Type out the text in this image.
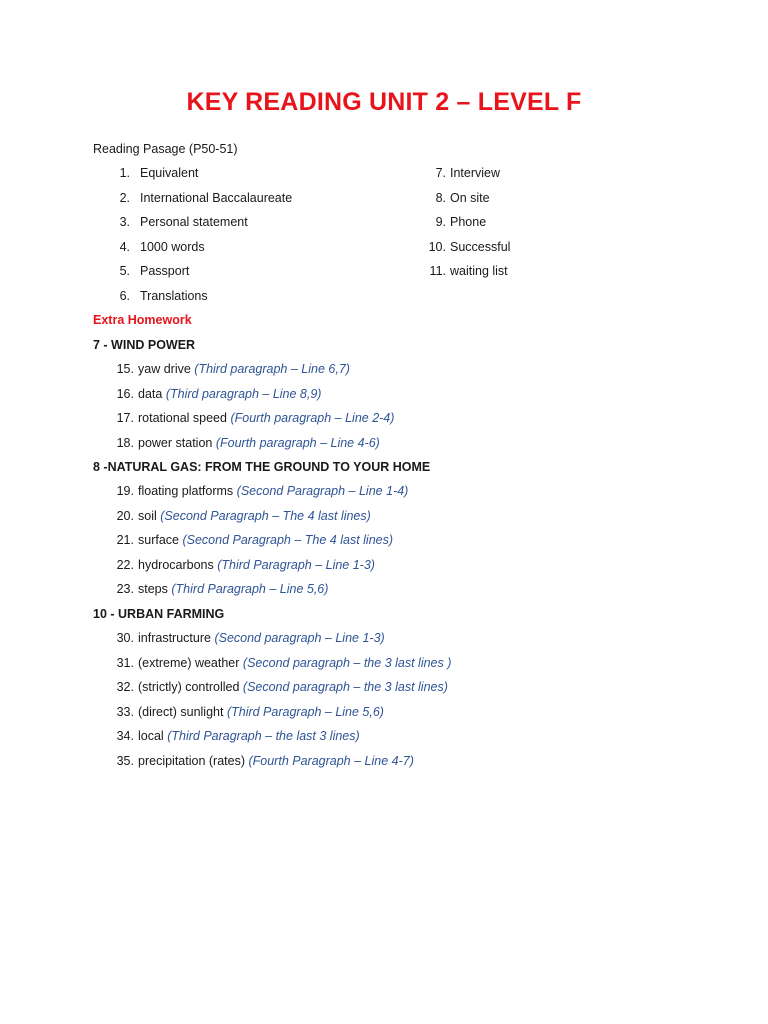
KEY READING UNIT 2 – LEVEL F
Reading Pasage (P50-51)
1. Equivalent
2. International Baccalaureate
3. Personal statement
4. 1000 words
5. Passport
6. Translations
7. Interview
8. On site
9. Phone
10. Successful
11. waiting list
Extra Homework
7 - WIND POWER
15. yaw drive (Third paragraph – Line 6,7)
16. data (Third paragraph – Line 8,9)
17. rotational speed (Fourth paragraph – Line 2-4)
18. power station (Fourth paragraph – Line 4-6)
8 -NATURAL GAS: FROM THE GROUND TO YOUR HOME
19. floating platforms (Second Paragraph – Line 1-4)
20. soil (Second Paragraph – The 4 last lines)
21. surface (Second Paragraph – The 4 last lines)
22. hydrocarbons (Third Paragraph – Line 1-3)
23. steps (Third Paragraph – Line 5,6)
10 - URBAN FARMING
30. infrastructure (Second paragraph – Line 1-3)
31. (extreme) weather (Second paragraph – the 3 last lines )
32. (strictly) controlled (Second paragraph – the 3 last lines)
33. (direct) sunlight (Third Paragraph – Line 5,6)
34. local (Third Paragraph – the last 3 lines)
35. precipitation (rates) (Fourth Paragraph – Line 4-7)
